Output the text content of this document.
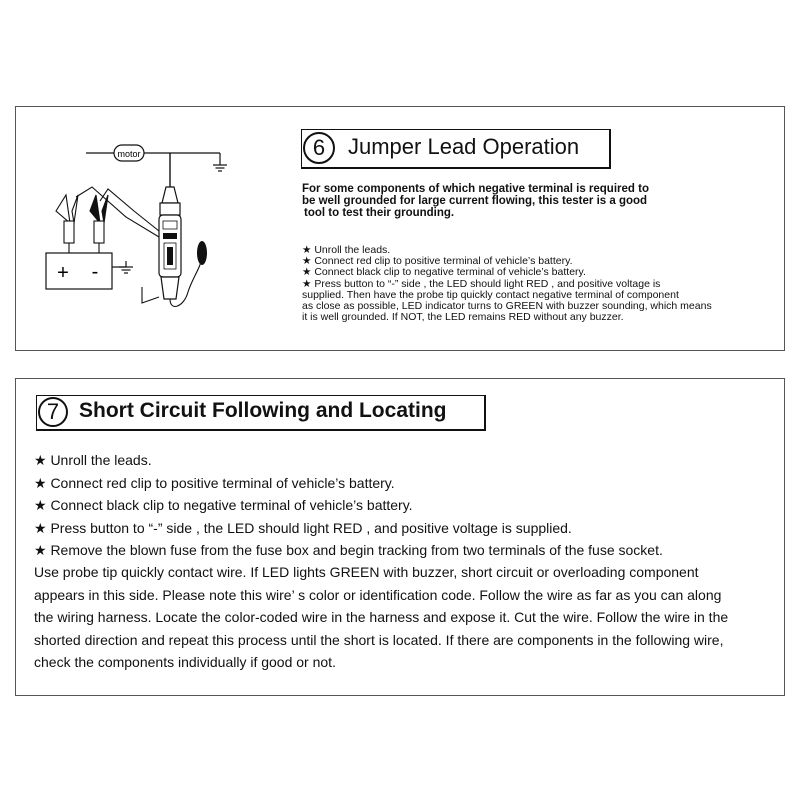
motor
+ -
6	Jumper Lead Operation
For some components of which negative terminal is required to
be well grounded for large current flowing, this tester is a good
tool to test their grounding.
★ Unroll the leads.
★ Connect red clip to positive terminal of vehicle’s battery.
★ Connect black clip to negative terminal of vehicle’s battery.
★ Press button to “-” side , the LED should light RED , and positive voltage is
supplied. Then have the probe tip quickly contact negative terminal of component
as close as possible, LED indicator turns to GREEN with buzzer sounding, which means
it is well grounded. If NOT, the LED remains RED without any buzzer.
7 Short Circuit Following and Locating
★ Unroll the leads.
★ Connect red clip to positive terminal of vehicle’s battery.
★ Connect black clip to negative terminal of vehicle’s battery.
★ Press button to “-” side , the LED should light RED , and positive voltage is supplied.
★ Remove the blown fuse from the fuse box and begin tracking from two terminals of the fuse socket.
Use probe tip quickly contact wire. If LED lights GREEN with buzzer, short circuit or overloading component
appears in this side. Please note this wire’ s color or identification code. Follow the wire as far as you can along
the wiring harness. Locate the color-coded wire in the harness and expose it. Cut the wire. Follow the wire in the
shorted direction and repeat this process until the short is located. If there are components in the following wire,
check the components individually if good or not.
